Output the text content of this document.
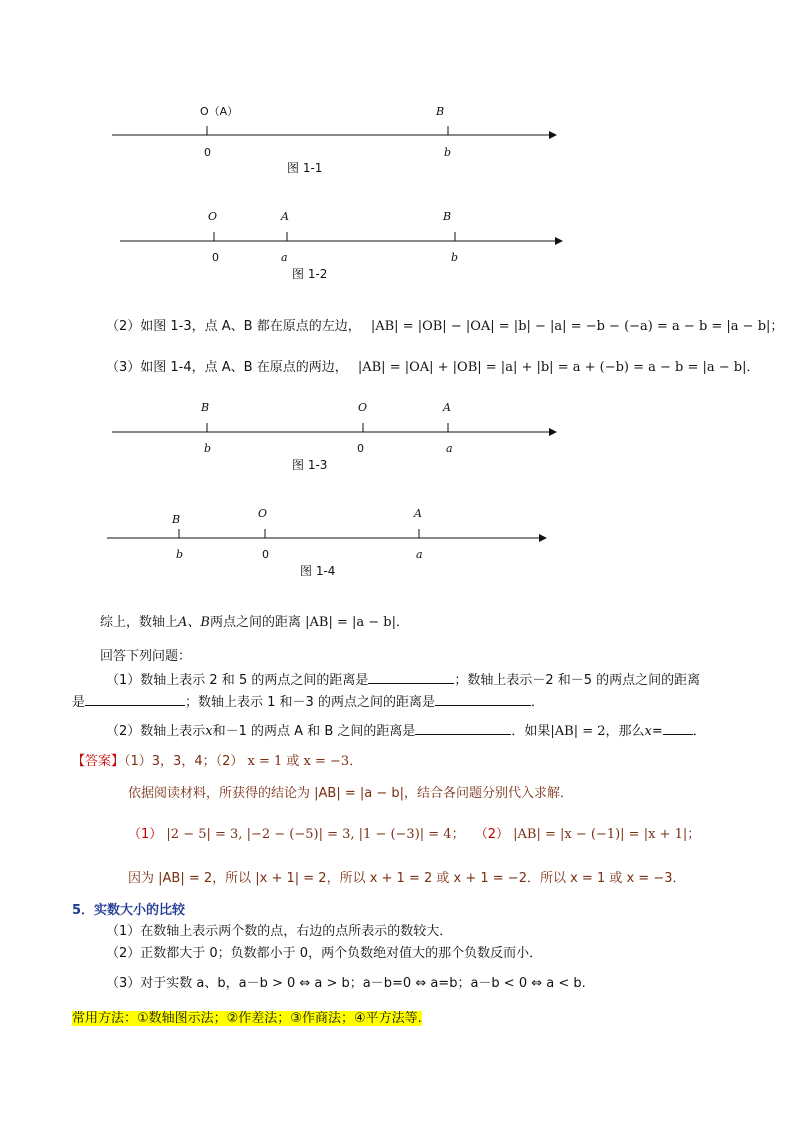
O（A）
0
B
b
O
0
A
a
B
b
B
b
O
0
A
a
B
b
O
0
A
a
图 1-1
图 1-2
图 1-3
图 1-4
（2）如图 1-3，点 A、B 都在原点的左边， |AB| = |OB| − |OA| = |b| − |a| = −b − (−a) = a − b = |a − b|；
（3）如图 1-4，点 A、B 在原点的两边， |AB| = |OA| + |OB| = |a| + |b| = a + (−b) = a − b = |a − b|．
综上，数轴上A、B两点之间的距离 |AB| = |a − b|．
回答下列问题：
（1）数轴上表示 2 和 5 的两点之间的距离是	；数轴上表示－2 和－5 的两点之间的距离
是	；数轴上表示 1 和－3 的两点之间的距离是	．
（2）数轴上表示x和－1 的两点 A 和 B 之间的距离是	．如果|AB| = 2，那么x= ．
【答案】（1）3，3，4；（2） x = 1 或 x = −3．
依据阅读材料，所获得的结论为 |AB| = |a − b|，结合各问题分别代入求解．
（1） |2 − 5| = 3, |−2 − (−5)| = 3, |1 − (−3)| = 4； （2） |AB| = |x − (−1)| = |x + 1|；
因为 |AB| = 2，所以 |x + 1| = 2，所以 x + 1 = 2 或 x + 1 = −2．所以 x = 1 或 x = −3．
5．实数大小的比较
（1）在数轴上表示两个数的点，右边的点所表示的数较大．
（2）正数都大于 0；负数都小于 0，两个负数绝对值大的那个负数反而小．
（3）对于实数 a、b，a－b > 0 ⇔ a > b；a－b=0 ⇔ a=b；a－b < 0 ⇔ a < b.
常用方法：①数轴图示法；②作差法；③作商法；④平方法等.
